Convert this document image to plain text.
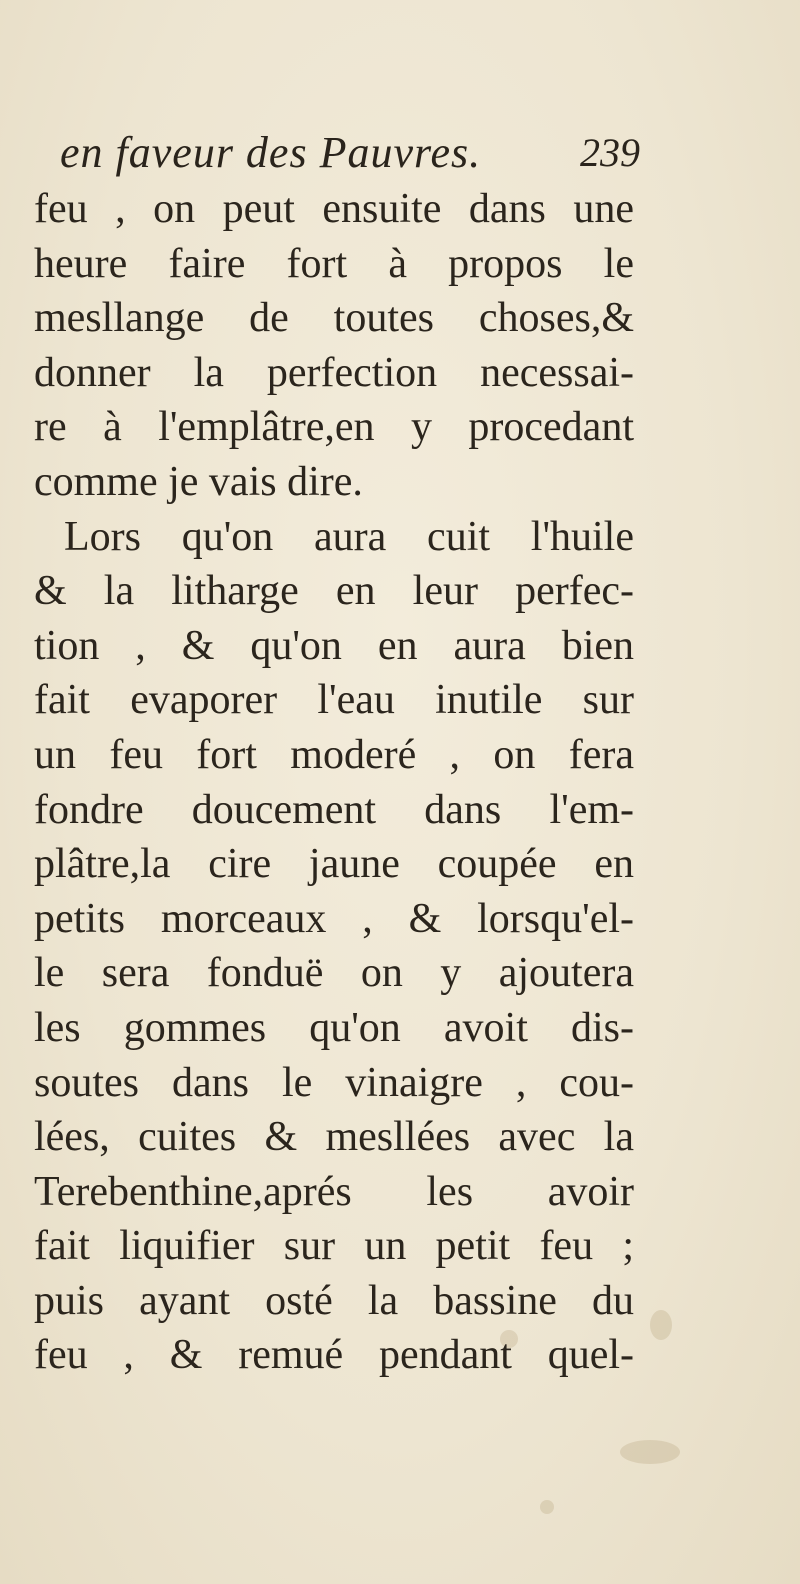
en faveur des Pauvres. 239
feu , on peut ensuite dans une
heure faire fort à propos le
mesllange de toutes choses,&
donner la perfection necessai-
re à l'emplâtre,en y procedant
comme je vais dire.
Lors qu'on aura cuit l'huile
& la litharge en leur perfec-
tion , & qu'on en aura bien
fait evaporer l'eau inutile sur
un feu fort moderé , on fera
fondre doucement dans l'em-
plâtre,la cire jaune coupée en
petits morceaux , & lorsqu'el-
le sera fonduë on y ajoutera
les gommes qu'on avoit dis-
soutes dans le vinaigre , cou-
lées, cuites & mesllées avec la
Terebenthine,aprés les avoir
fait liquifier sur un petit feu ;
puis ayant osté la bassine du
feu , & remué pendant quel-
